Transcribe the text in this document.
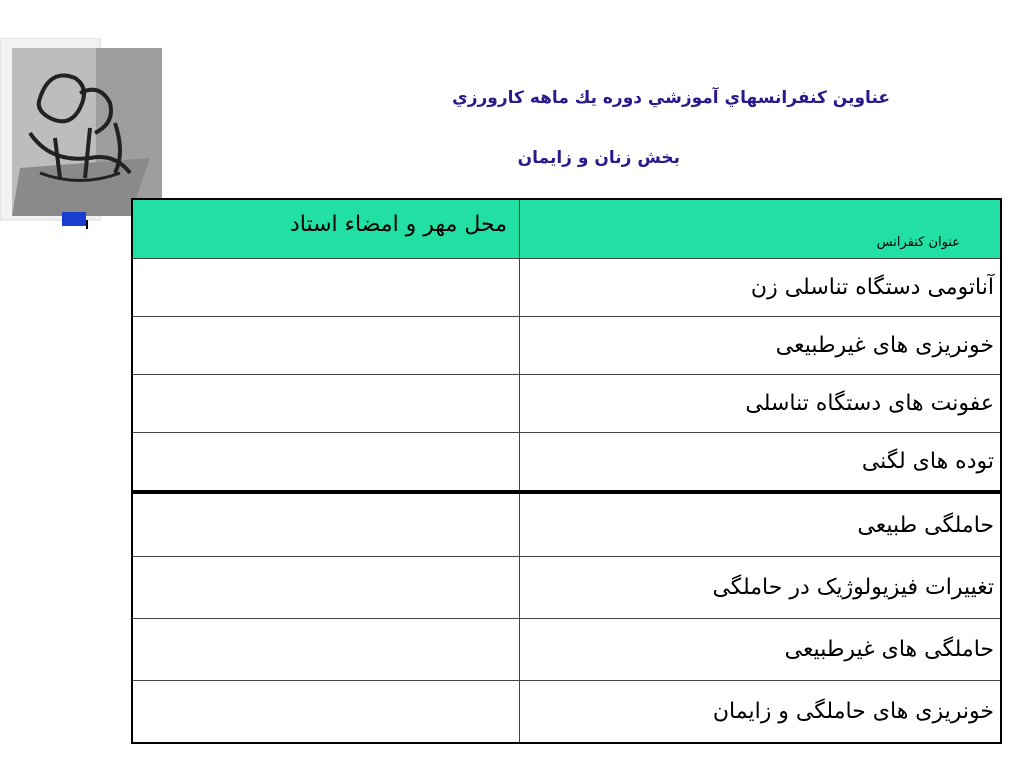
عناوين كنفرانسهاي آموزشي دوره يك ماهه كارورزي
بخش زنان و زايمان
عنوان کنفرانس
محل مهر و امضاء استاد
آناتومی دستگاه تناسلی زن
خونریزی های غیرطبیعی
عفونت های دستگاه تناسلی
توده های لگنی
حاملگی طبیعی
تغییرات فیزیولوژیک در حاملگی
حاملگی های غیرطبیعی
خونریزی های حاملگی و زایمان
